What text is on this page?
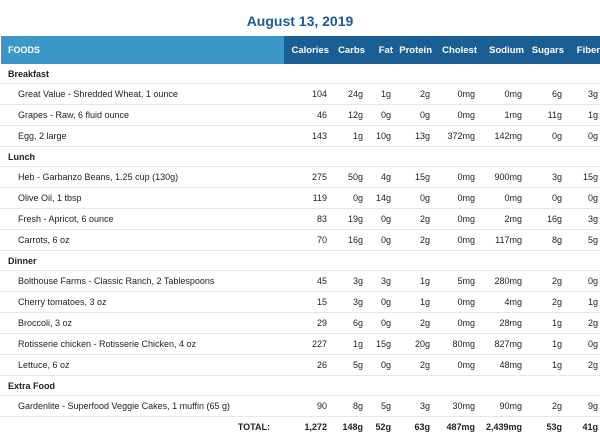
August 13, 2019
FOODS	Calories	Carbs	Fat	Protein	Cholest	Sodium	Sugars	Fiber
Breakfast								
Great Value - Shredded Wheat, 1 ounce	104	24g	1g	2g	0mg	0mg	6g	3g
Grapes - Raw, 6 fluid ounce	46	12g	0g	0g	0mg	1mg	11g	1g
Egg, 2 large	143	1g	10g	13g	372mg	142mg	0g	0g
Lunch								
Heb - Garbanzo Beans, 1.25 cup (130g)	275	50g	4g	15g	0mg	900mg	3g	15g
Olive Oil, 1 tbsp	119	0g	14g	0g	0mg	0mg	0g	0g
Fresh - Apricot, 6 ounce	83	19g	0g	2g	0mg	2mg	16g	3g
Carrots, 6 oz	70	16g	0g	2g	0mg	117mg	8g	5g
Dinner								
Bolthouse Farms - Classic Ranch, 2 Tablespoons	45	3g	3g	1g	5mg	280mg	2g	0g
Cherry tomatoes, 3 oz	15	3g	0g	1g	0mg	4mg	2g	1g
Broccoli, 3 oz	29	6g	0g	2g	0mg	28mg	1g	2g
Rotisserie chicken - Rotisserie Chicken, 4 oz	227	1g	15g	20g	80mg	827mg	1g	0g
Lettuce, 6 oz	26	5g	0g	2g	0mg	48mg	1g	2g
Extra Food								
Gardenlite - Superfood Veggie Cakes, 1 muffin (65 g)	90	8g	5g	3g	30mg	90mg	2g	9g
TOTAL:	1,272	148g	52g	63g	487mg	2,439mg	53g	41g
